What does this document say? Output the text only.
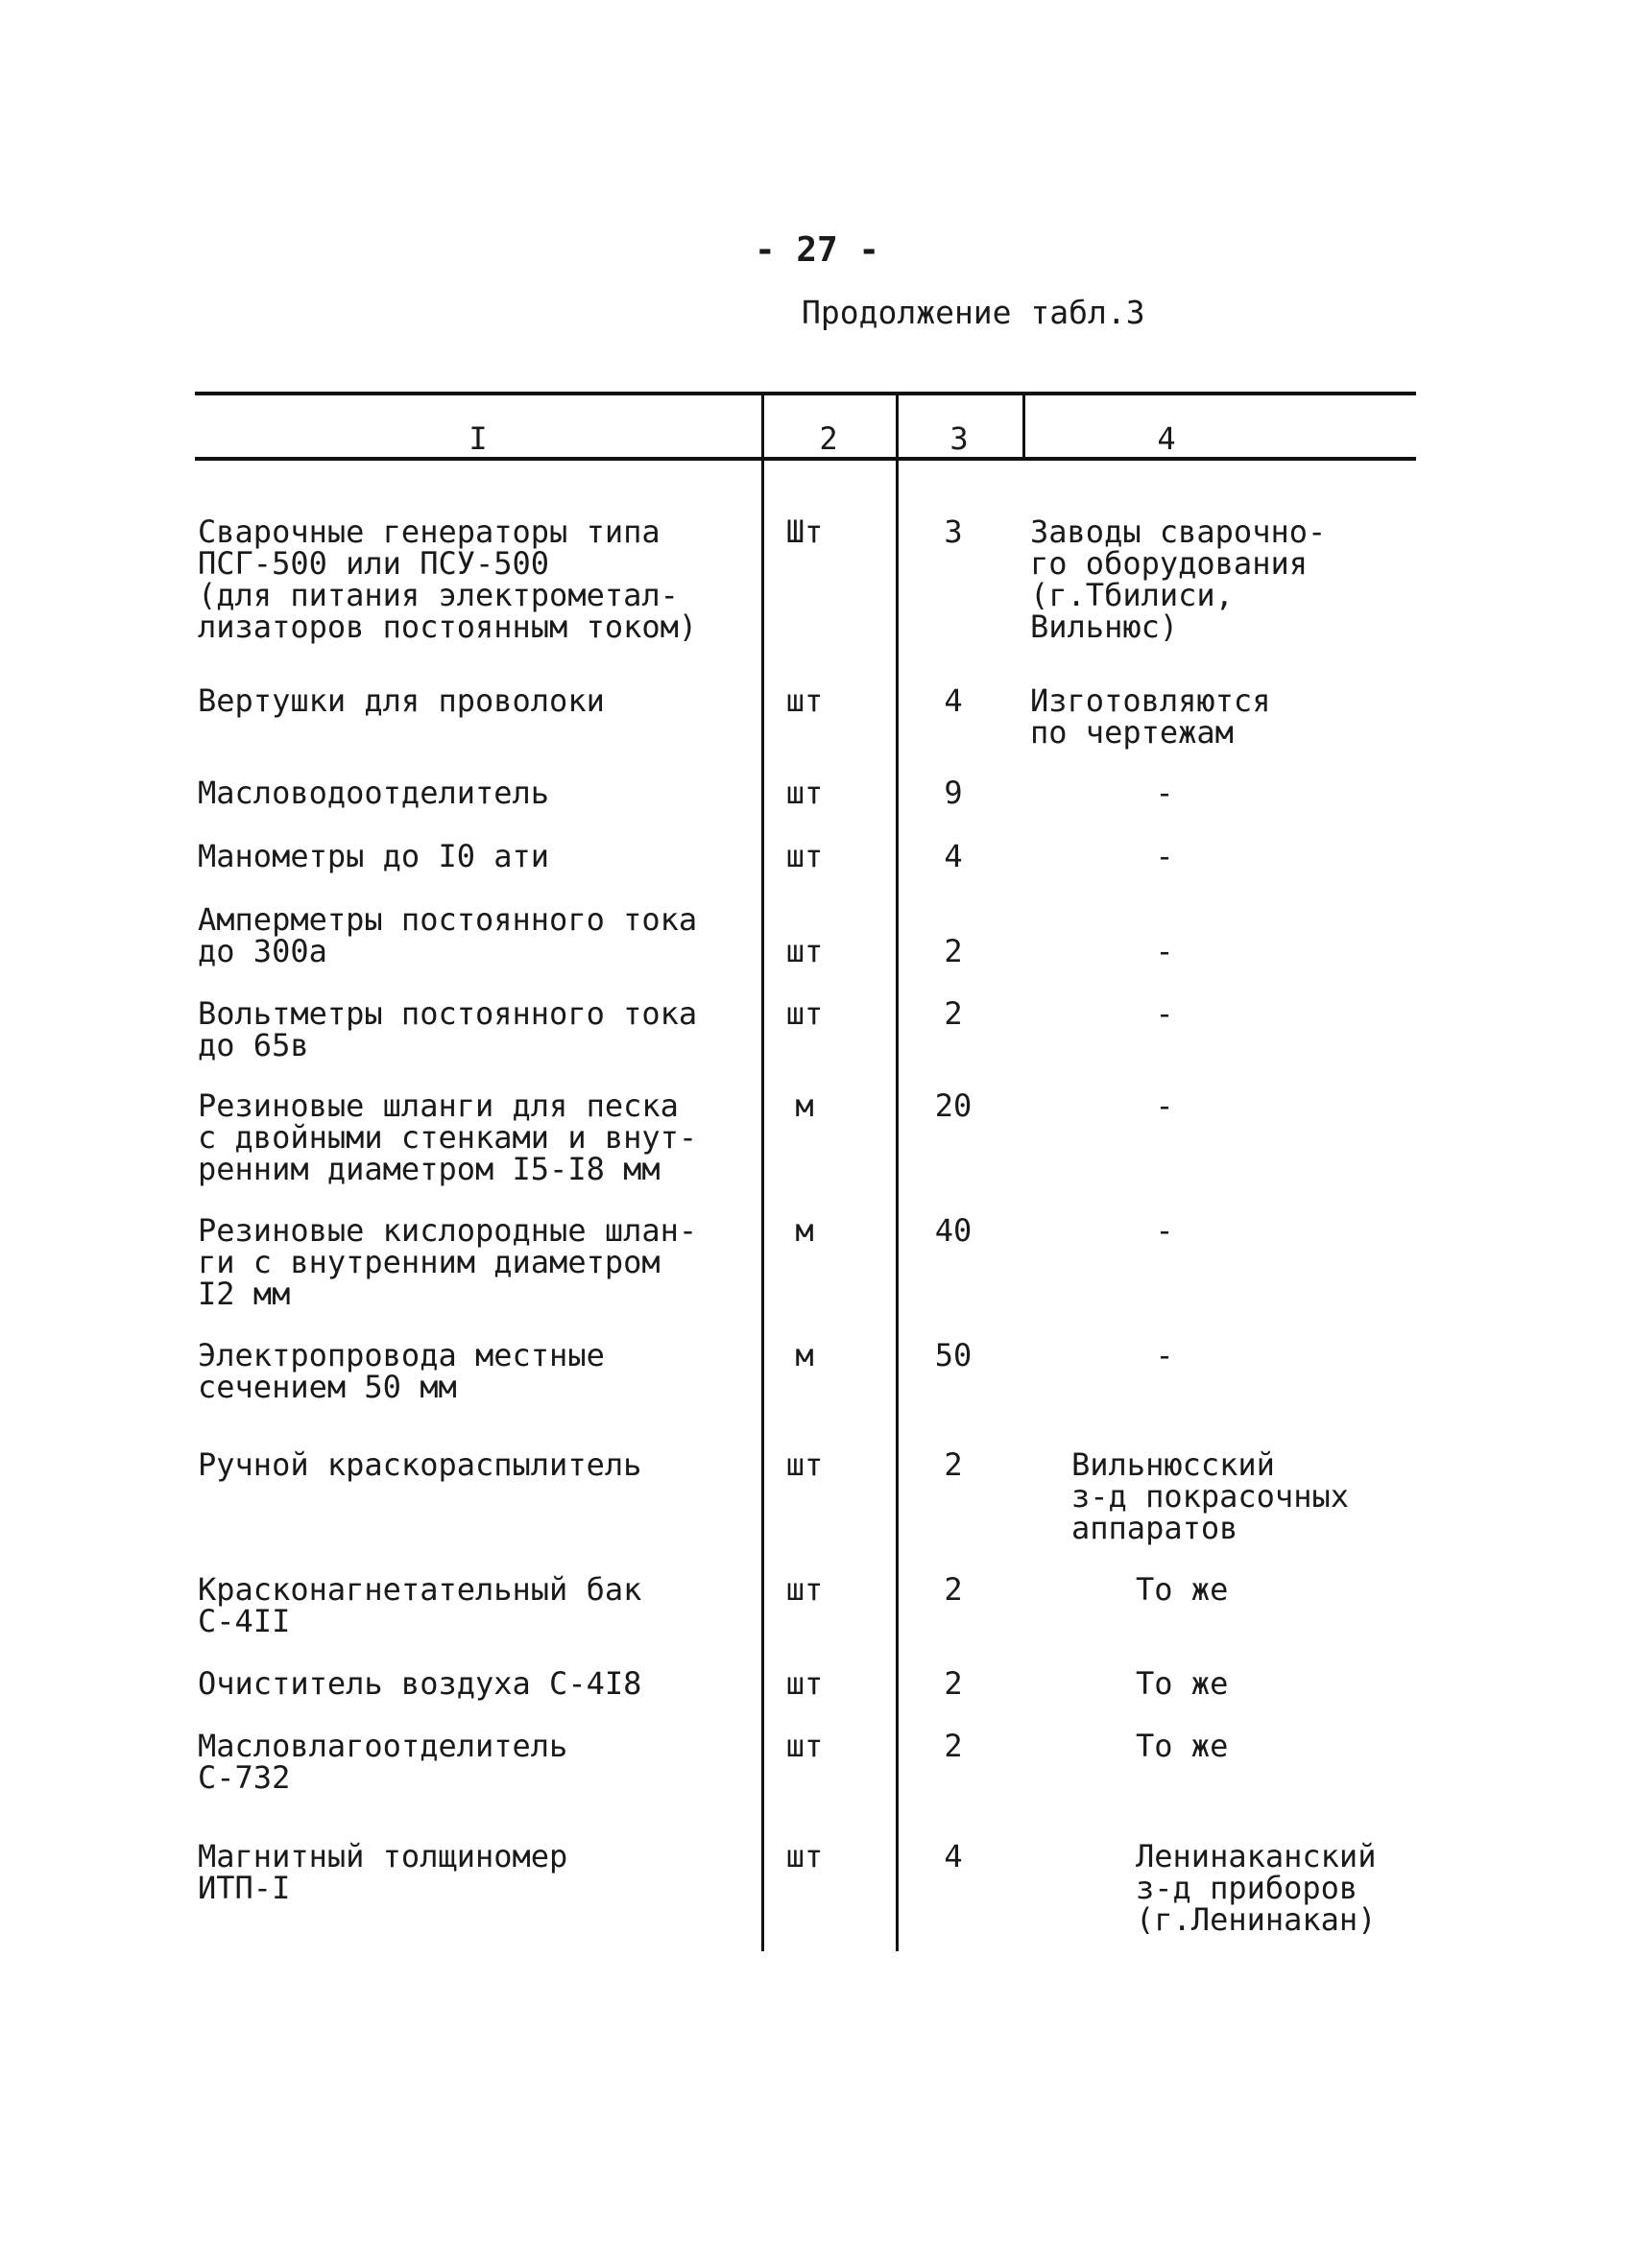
- 27 -
Продолжение табл.3
I	2	3	4
Сварочные генераторы типа
ПСГ-500 или ПСУ-500
(для питания электрометал-
лизаторов постоянным током)
Шт	3	Заводы сварочно-
го оборудования
(г.Тбилиси,
Вильнюс)
Вертушки для проволоки	шт	4	Изготовляются
по чертежам
Масловодоотделитель	шт	9	-
Манометры до I0 ати	шт	4	-
Амперметры постоянного тока
до 300а	шт	2	-
Вольтметры постоянного тока
до 65в
шт	2	-
Резиновые шланги для песка
с двойными стенками и внут-
ренним диаметром I5-I8 мм
м	20	-
Резиновые кислородные шлан-
ги с внутренним диаметром
I2 мм
м	40	-
Электропровода местные
сечением 50 мм
м	50	-
Ручной краскораспылитель	шт	2	Вильнюсский
з-д покрасочных
аппаратов
Красконагнетательный бак
С-4II
шт	2	То же
Очиститель воздуха С-4I8	шт	2	То же
Масловлагоотделитель
С-732
шт	2	То же
Магнитный толщиномер
ИТП-I
шт	4	Ленинаканский
з-д приборов
(г.Ленинакан)
